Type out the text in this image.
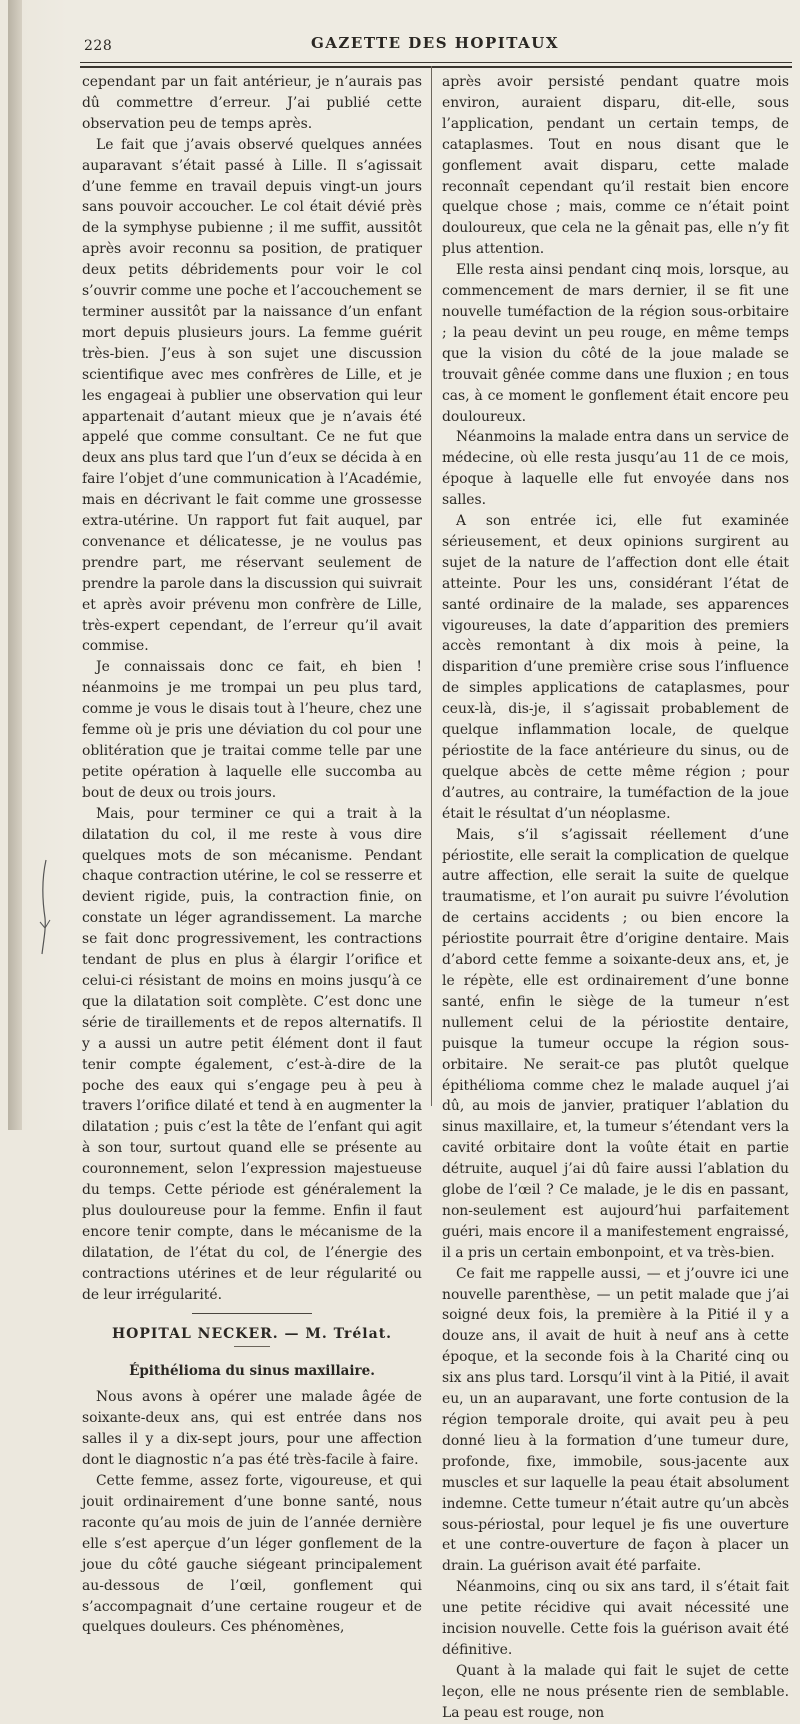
228	GAZETTE DES HOPITAUX

cependant par un fait antérieur, je n’aurais pas dû commettre d’erreur. J’ai publié cette observation peu de temps après.

Le fait que j’avais observé quelques années auparavant s’était passé à Lille. Il s’agissait d’une femme en travail depuis vingt-un jours sans pouvoir accoucher. Le col était dévié près de la symphyse pubienne ; il me suffit, aussitôt après avoir reconnu sa position, de pratiquer deux petits débridements pour voir le col s’ouvrir comme une poche et l’accouchement se terminer aussitôt par la naissance d’un enfant mort depuis plusieurs jours. La femme guérit très-bien. J’eus à son sujet une discussion scientifique avec mes confrères de Lille, et je les engageai à publier une observation qui leur appartenait d’autant mieux que je n’avais été appelé que comme consultant. Ce ne fut que deux ans plus tard que l’un d’eux se décida à en faire l’objet d’une communication à l’Académie, mais en décrivant le fait comme une grossesse extra-utérine. Un rapport fut fait auquel, par convenance et délicatesse, je ne voulus pas prendre part, me réservant seulement de prendre la parole dans la discussion qui suivrait et après avoir prévenu mon confrère de Lille, très-expert cependant, de l’erreur qu’il avait commise.

Je connaissais donc ce fait, eh bien ! néanmoins je me trompai un peu plus tard, comme je vous le disais tout à l’heure, chez une femme où je pris une déviation du col pour une oblitération que je traitai comme telle par une petite opération à laquelle elle succomba au bout de deux ou trois jours.

Mais, pour terminer ce qui a trait à la dilatation du col, il me reste à vous dire quelques mots de son mécanisme. Pendant chaque contraction utérine, le col se resserre et devient rigide, puis, la contraction finie, on constate un léger agrandissement. La marche se fait donc progressivement, les contractions tendant de plus en plus à élargir l’orifice et celui-ci résistant de moins en moins jusqu’à ce que la dilatation soit complète. C’est donc une série de tiraillements et de repos alternatifs. Il y a aussi un autre petit élément dont il faut tenir compte également, c’est-à-dire de la poche des eaux qui s’engage peu à peu à travers l’orifice dilaté et tend à en augmenter la dilatation ; puis c’est la tête de l’enfant qui agit à son tour, surtout quand elle se présente au couronnement, selon l’expression majestueuse du temps. Cette période est généralement la plus douloureuse pour la femme. Enfin il faut encore tenir compte, dans le mécanisme de la dilatation, de l’état du col, de l’énergie des contractions utérines et de leur régularité ou de leur irrégularité.

HOPITAL NECKER. — M. Trélat.

Épithélioma du sinus maxillaire.

Nous avons à opérer une malade âgée de soixante-deux ans, qui est entrée dans nos salles il y a dix-sept jours, pour une affection dont le diagnostic n’a pas été très-facile à faire.

Cette femme, assez forte, vigoureuse, et qui jouit ordinairement d’une bonne santé, nous raconte qu’au mois de juin de l’année dernière elle s’est aperçue d’un léger gonflement de la joue du côté gauche siégeant principalement au-dessous de l’œil, gonflement qui s’accompagnait d’une certaine rougeur et de quelques douleurs. Ces phénomènes,

après avoir persisté pendant quatre mois environ, auraient disparu, dit-elle, sous l’application, pendant un certain temps, de cataplasmes. Tout en nous disant que le gonflement avait disparu, cette malade reconnaît cependant qu’il restait bien encore quelque chose ; mais, comme ce n’était point douloureux, que cela ne la gênait pas, elle n’y fit plus attention.

Elle resta ainsi pendant cinq mois, lorsque, au commencement de mars dernier, il se fit une nouvelle tuméfaction de la région sous-orbitaire ; la peau devint un peu rouge, en même temps que la vision du côté de la joue malade se trouvait gênée comme dans une fluxion ; en tous cas, à ce moment le gonflement était encore peu douloureux.

Néanmoins la malade entra dans un service de médecine, où elle resta jusqu’au 11 de ce mois, époque à laquelle elle fut envoyée dans nos salles.

A son entrée ici, elle fut examinée sérieusement, et deux opinions surgirent au sujet de la nature de l’affection dont elle était atteinte. Pour les uns, considérant l’état de santé ordinaire de la malade, ses apparences vigoureuses, la date d’apparition des premiers accès remontant à dix mois à peine, la disparition d’une première crise sous l’influence de simples applications de cataplasmes, pour ceux-là, dis-je, il s’agissait probablement de quelque inflammation locale, de quelque périostite de la face antérieure du sinus, ou de quelque abcès de cette même région ; pour d’autres, au contraire, la tuméfaction de la joue était le résultat d’un néoplasme.

Mais, s’il s’agissait réellement d’une périostite, elle serait la complication de quelque autre affection, elle serait la suite de quelque traumatisme, et l’on aurait pu suivre l’évolution de certains accidents ; ou bien encore la périostite pourrait être d’origine dentaire. Mais d’abord cette femme a soixante-deux ans, et, je le répète, elle est ordinairement d’une bonne santé, enfin le siège de la tumeur n’est nullement celui de la périostite dentaire, puisque la tumeur occupe la région sous-orbitaire. Ne serait-ce pas plutôt quelque épithélioma comme chez le malade auquel j’ai dû, au mois de janvier, pratiquer l’ablation du sinus maxillaire, et, la tumeur s’étendant vers la cavité orbitaire dont la voûte était en partie détruite, auquel j’ai dû faire aussi l’ablation du globe de l’œil ? Ce malade, je le dis en passant, non-seulement est aujourd’hui parfaitement guéri, mais encore il a manifestement engraissé, il a pris un certain embonpoint, et va très-bien.

Ce fait me rappelle aussi, — et j’ouvre ici une nouvelle parenthèse, — un petit malade que j’ai soigné deux fois, la première à la Pitié il y a douze ans, il avait de huit à neuf ans à cette époque, et la seconde fois à la Charité cinq ou six ans plus tard. Lorsqu’il vint à la Pitié, il avait eu, un an auparavant, une forte contusion de la région temporale droite, qui avait peu à peu donné lieu à la formation d’une tumeur dure, profonde, fixe, immobile, sous-jacente aux muscles et sur laquelle la peau était absolument indemne. Cette tumeur n’était autre qu’un abcès sous-périostal, pour lequel je fis une ouverture et une contre-ouverture de façon à placer un drain. La guérison avait été parfaite.

Néanmoins, cinq ou six ans tard, il s’était fait une petite récidive qui avait nécessité une incision nouvelle. Cette fois la guérison avait été définitive.

Quant à la malade qui fait le sujet de cette leçon, elle ne nous présente rien de semblable. La peau est rouge, non
